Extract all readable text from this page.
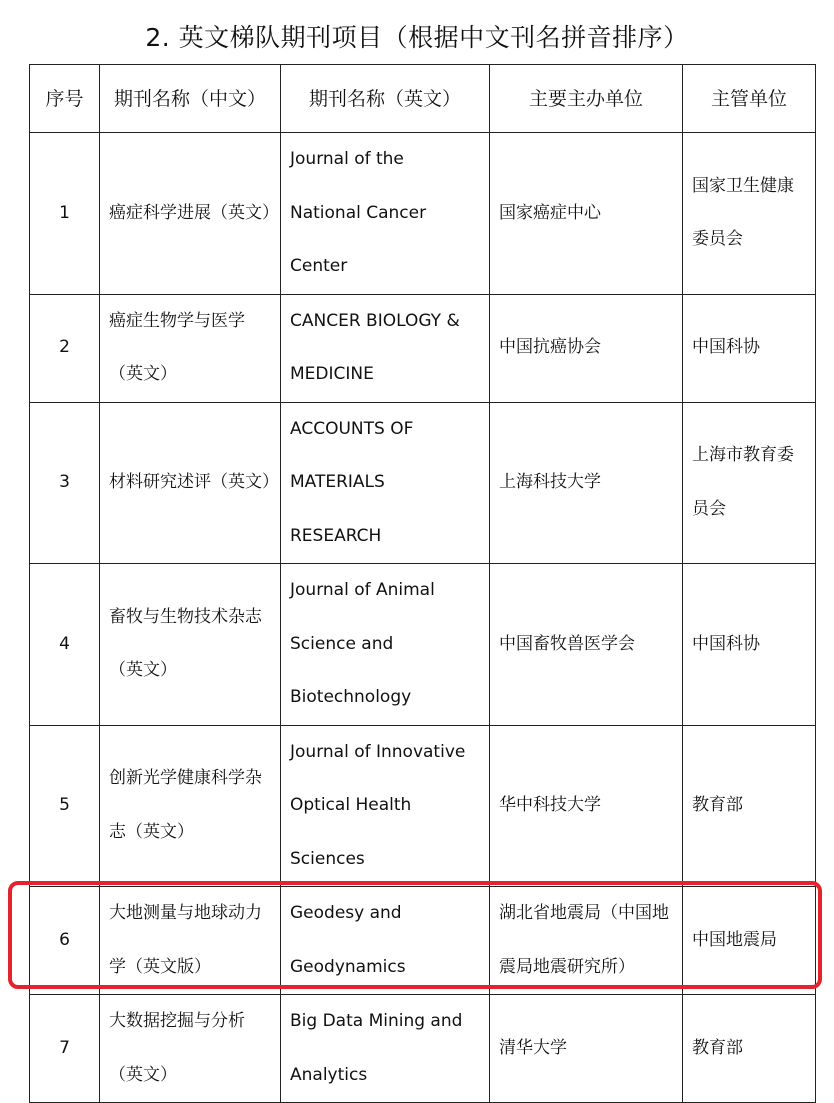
2. 英文梯队期刊项目（根据中文刊名拼音排序）
序号	期刊名称（中文）	期刊名称（英文）	主要主办单位	主管单位
1	癌症科学进展（英文）	Journal of the National Cancer Center	国家癌症中心	国家卫生健康委员会
2	癌症生物学与医学（英文）	CANCER BIOLOGY & MEDICINE	中国抗癌协会	中国科协
3	材料研究述评（英文）	ACCOUNTS OF MATERIALS RESEARCH	上海科技大学	上海市教育委员会
4	畜牧与生物技术杂志（英文）	Journal of Animal Science and Biotechnology	中国畜牧兽医学会	中国科协
5	创新光学健康科学杂志（英文）	Journal of Innovative Optical Health Sciences	华中科技大学	教育部
6	大地测量与地球动力学（英文版）	Geodesy and Geodynamics	湖北省地震局（中国地震局地震研究所）	中国地震局
7	大数据挖掘与分析（英文）	Big Data Mining and Analytics	清华大学	教育部
